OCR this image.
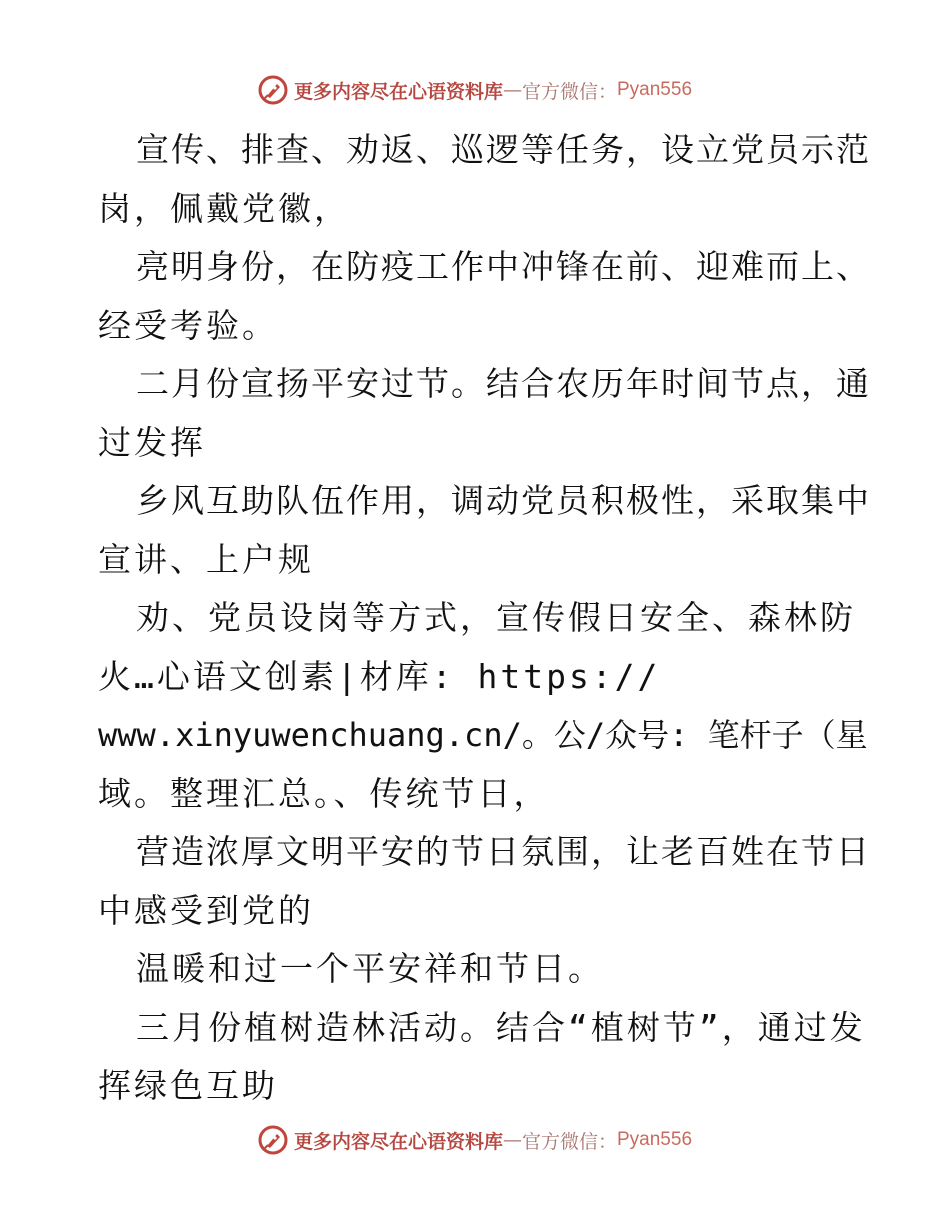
更多内容尽在心语资料库 — 官方微信： Pyan556
宣传、排查、劝返、巡逻等任务，设立党员示范
岗，佩戴党徽，
亮明身份，在防疫工作中冲锋在前、迎难而上、
经受考验。
二月份宣扬平安过节。结合农历年时间节点，通
过发挥
乡风互助队伍作用，调动党员积极性，采取集中
宣讲、上户规
劝、党员设岗等方式，宣传假日安全、森林防
火…心语文创素|材库: https://
www.xinyuwenchuang.cn/。公/众号: 笔杆子（星
域。整理汇总。、传统节日，
营造浓厚文明平安的节日氛围，让老百姓在节日
中感受到党的
温暖和过一个平安祥和节日。
三月份植树造林活动。结合“植树节”，通过发
挥绿色互助
更多内容尽在心语资料库 — 官方微信： Pyan556
